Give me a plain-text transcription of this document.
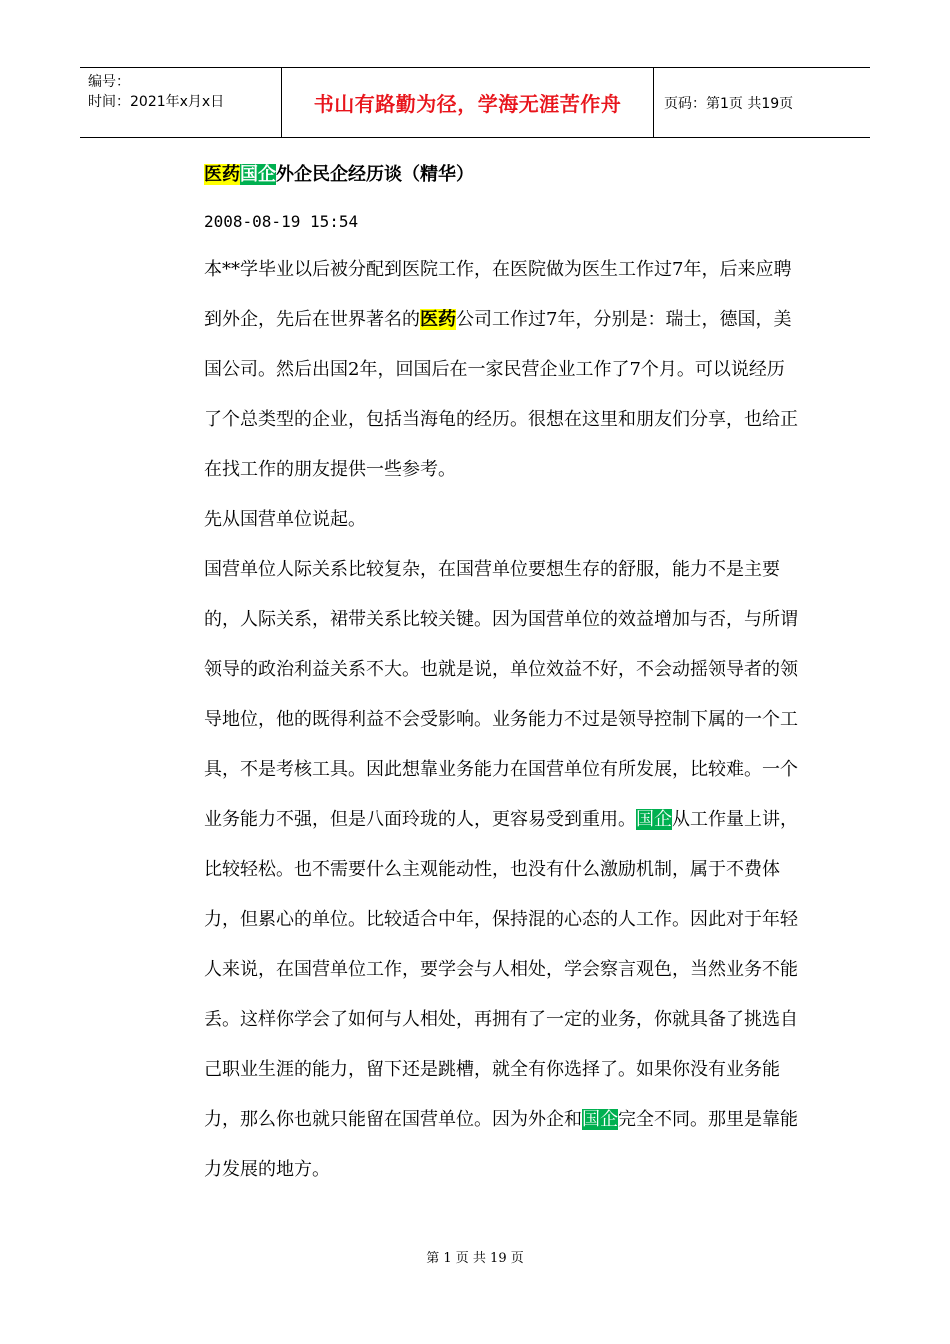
编号：
时间：2021年x月x日	书山有路勤为径，学海无涯苦作舟	页码：第1页 共19页
医药国企外企民企经历谈（精华）
2008-08-19 15:54

本**学毕业以后被分配到医院工作，在医院做为医生工作过7年，后来应聘
到外企，先后在世界著名的医药公司工作过7年，分别是：瑞士，德国，美
国公司。然后出国2年，回国后在一家民营企业工作了7个月。可以说经历
了个总类型的企业，包括当海龟的经历。很想在这里和朋友们分享，也给正
在找工作的朋友提供一些参考。

先从国营单位说起。

国营单位人际关系比较复杂，在国营单位要想生存的舒服，能力不是主要
的，人际关系，裙带关系比较关键。因为国营单位的效益增加与否，与所谓
领导的政治利益关系不大。也就是说，单位效益不好，不会动摇领导者的领
导地位，他的既得利益不会受影响。业务能力不过是领导控制下属的一个工
具，不是考核工具。因此想靠业务能力在国营单位有所发展，比较难。一个
业务能力不强，但是八面玲珑的人，更容易受到重用。国企从工作量上讲，
比较轻松。也不需要什么主观能动性，也没有什么激励机制，属于不费体
力，但累心的单位。比较适合中年，保持混的心态的人工作。因此对于年轻
人来说，在国营单位工作，要学会与人相处，学会察言观色，当然业务不能
丢。这样你学会了如何与人相处，再拥有了一定的业务，你就具备了挑选自
己职业生涯的能力，留下还是跳槽，就全有你选择了。如果你没有业务能
力，那么你也就只能留在国营单位。因为外企和国企完全不同。那里是靠能
力发展的地方。

第 1 页 共 19 页
